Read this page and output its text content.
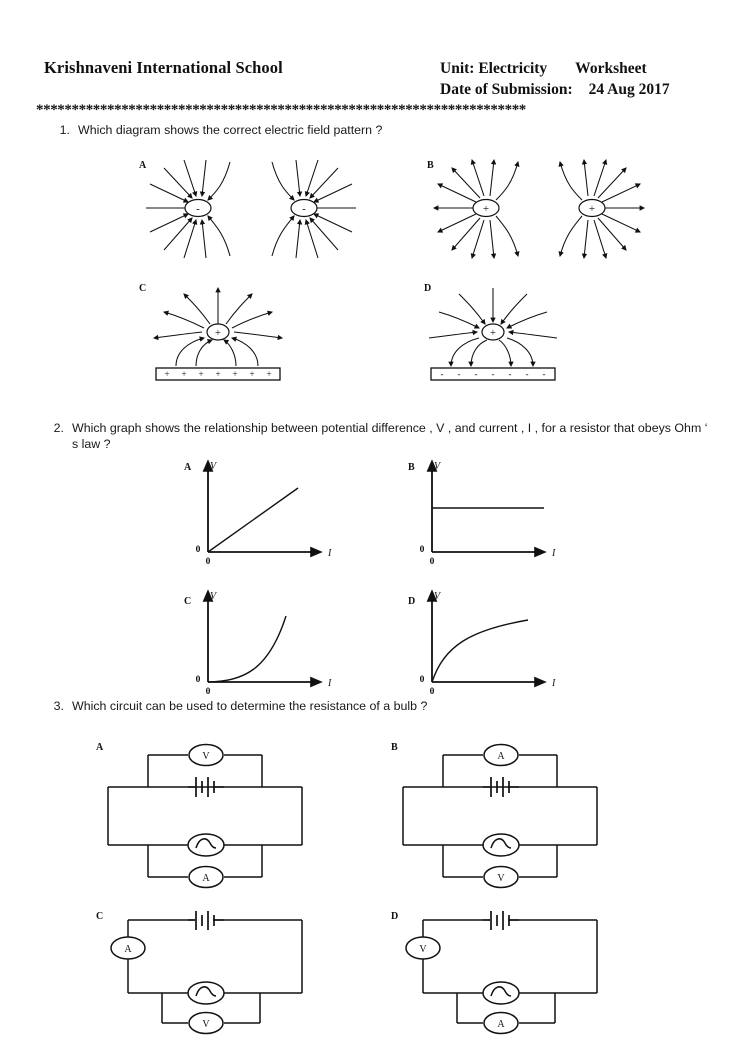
Krishnaveni International School	Unit: Electricity Worksheet
Date of Submission: 24 Aug 2017
*********************************************************************
1. Which diagram shows the correct electric field pattern ?
-	-
A
+	+
B
+
+ + + + + + +
C
+
- - - - - - -
D
2. Which graph shows the relationship between potential difference , V , and current , I , for a resistor that obeys Ohm ‘ s law ?
V
I
0
0
A	V
I
0
0
B
V
I
0
0
C	V
I
0
0
D
3. Which circuit can be used to determine the resistance of a bulb ?
V
A
A
A
V
B
A
V
C
V
A
D
